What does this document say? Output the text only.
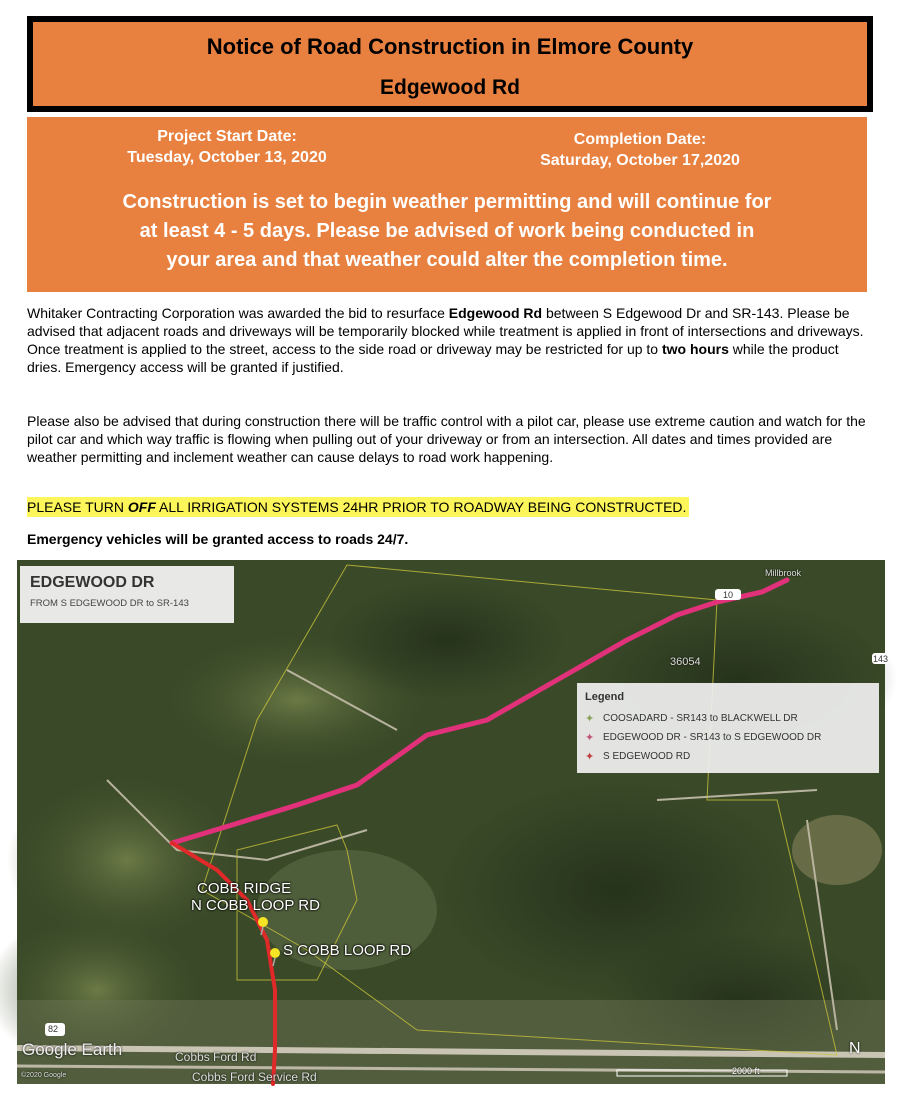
Notice of Road Construction in Elmore County
Edgewood Rd
Project Start Date:
Tuesday, October 13, 2020
Completion Date:
Saturday, October 17,2020
Construction is set to begin weather permitting and will continue for
at least 4 - 5 days. Please be advised of work being conducted in
your area and that weather could alter the completion time.
Whitaker Contracting Corporation was awarded the bid to resurface Edgewood Rd between S Edgewood Dr and SR-143. Please be advised that adjacent roads and driveways will be temporarily blocked while treatment is applied in front of intersections and driveways. Once treatment is applied to the street, access to the side road or driveway may be restricted for up to two hours while the product dries. Emergency access will be granted if justified.
Please also be advised that during construction there will be traffic control with a pilot car, please use extreme caution and watch for the pilot car and which way traffic is flowing when pulling out of your driveway or from an intersection. All dates and times provided are weather permitting and inclement weather can cause delays to road work happening.
PLEASE TURN OFF ALL IRRIGATION SYSTEMS 24HR PRIOR TO ROADWAY BEING CONSTRUCTED.
Emergency vehicles will be granted access to roads 24/7.
EDGEWOOD DR
FROM S EDGEWOOD DR to SR-143
Legend
✦ COOSADARD - SR143 to BLACKWELL DR
✦ EDGEWOOD DR - SR143 to S EDGEWOOD DR
✦ S EDGEWOOD RD
COBB RIDGE
N COBB LOOP RD
S COBB LOOP RD
Cobbs Ford Rd
Cobbs Ford Service Rd
Millbrook
10
82
143
36054
2000 ft
Google Earth
©2020 Google
N
